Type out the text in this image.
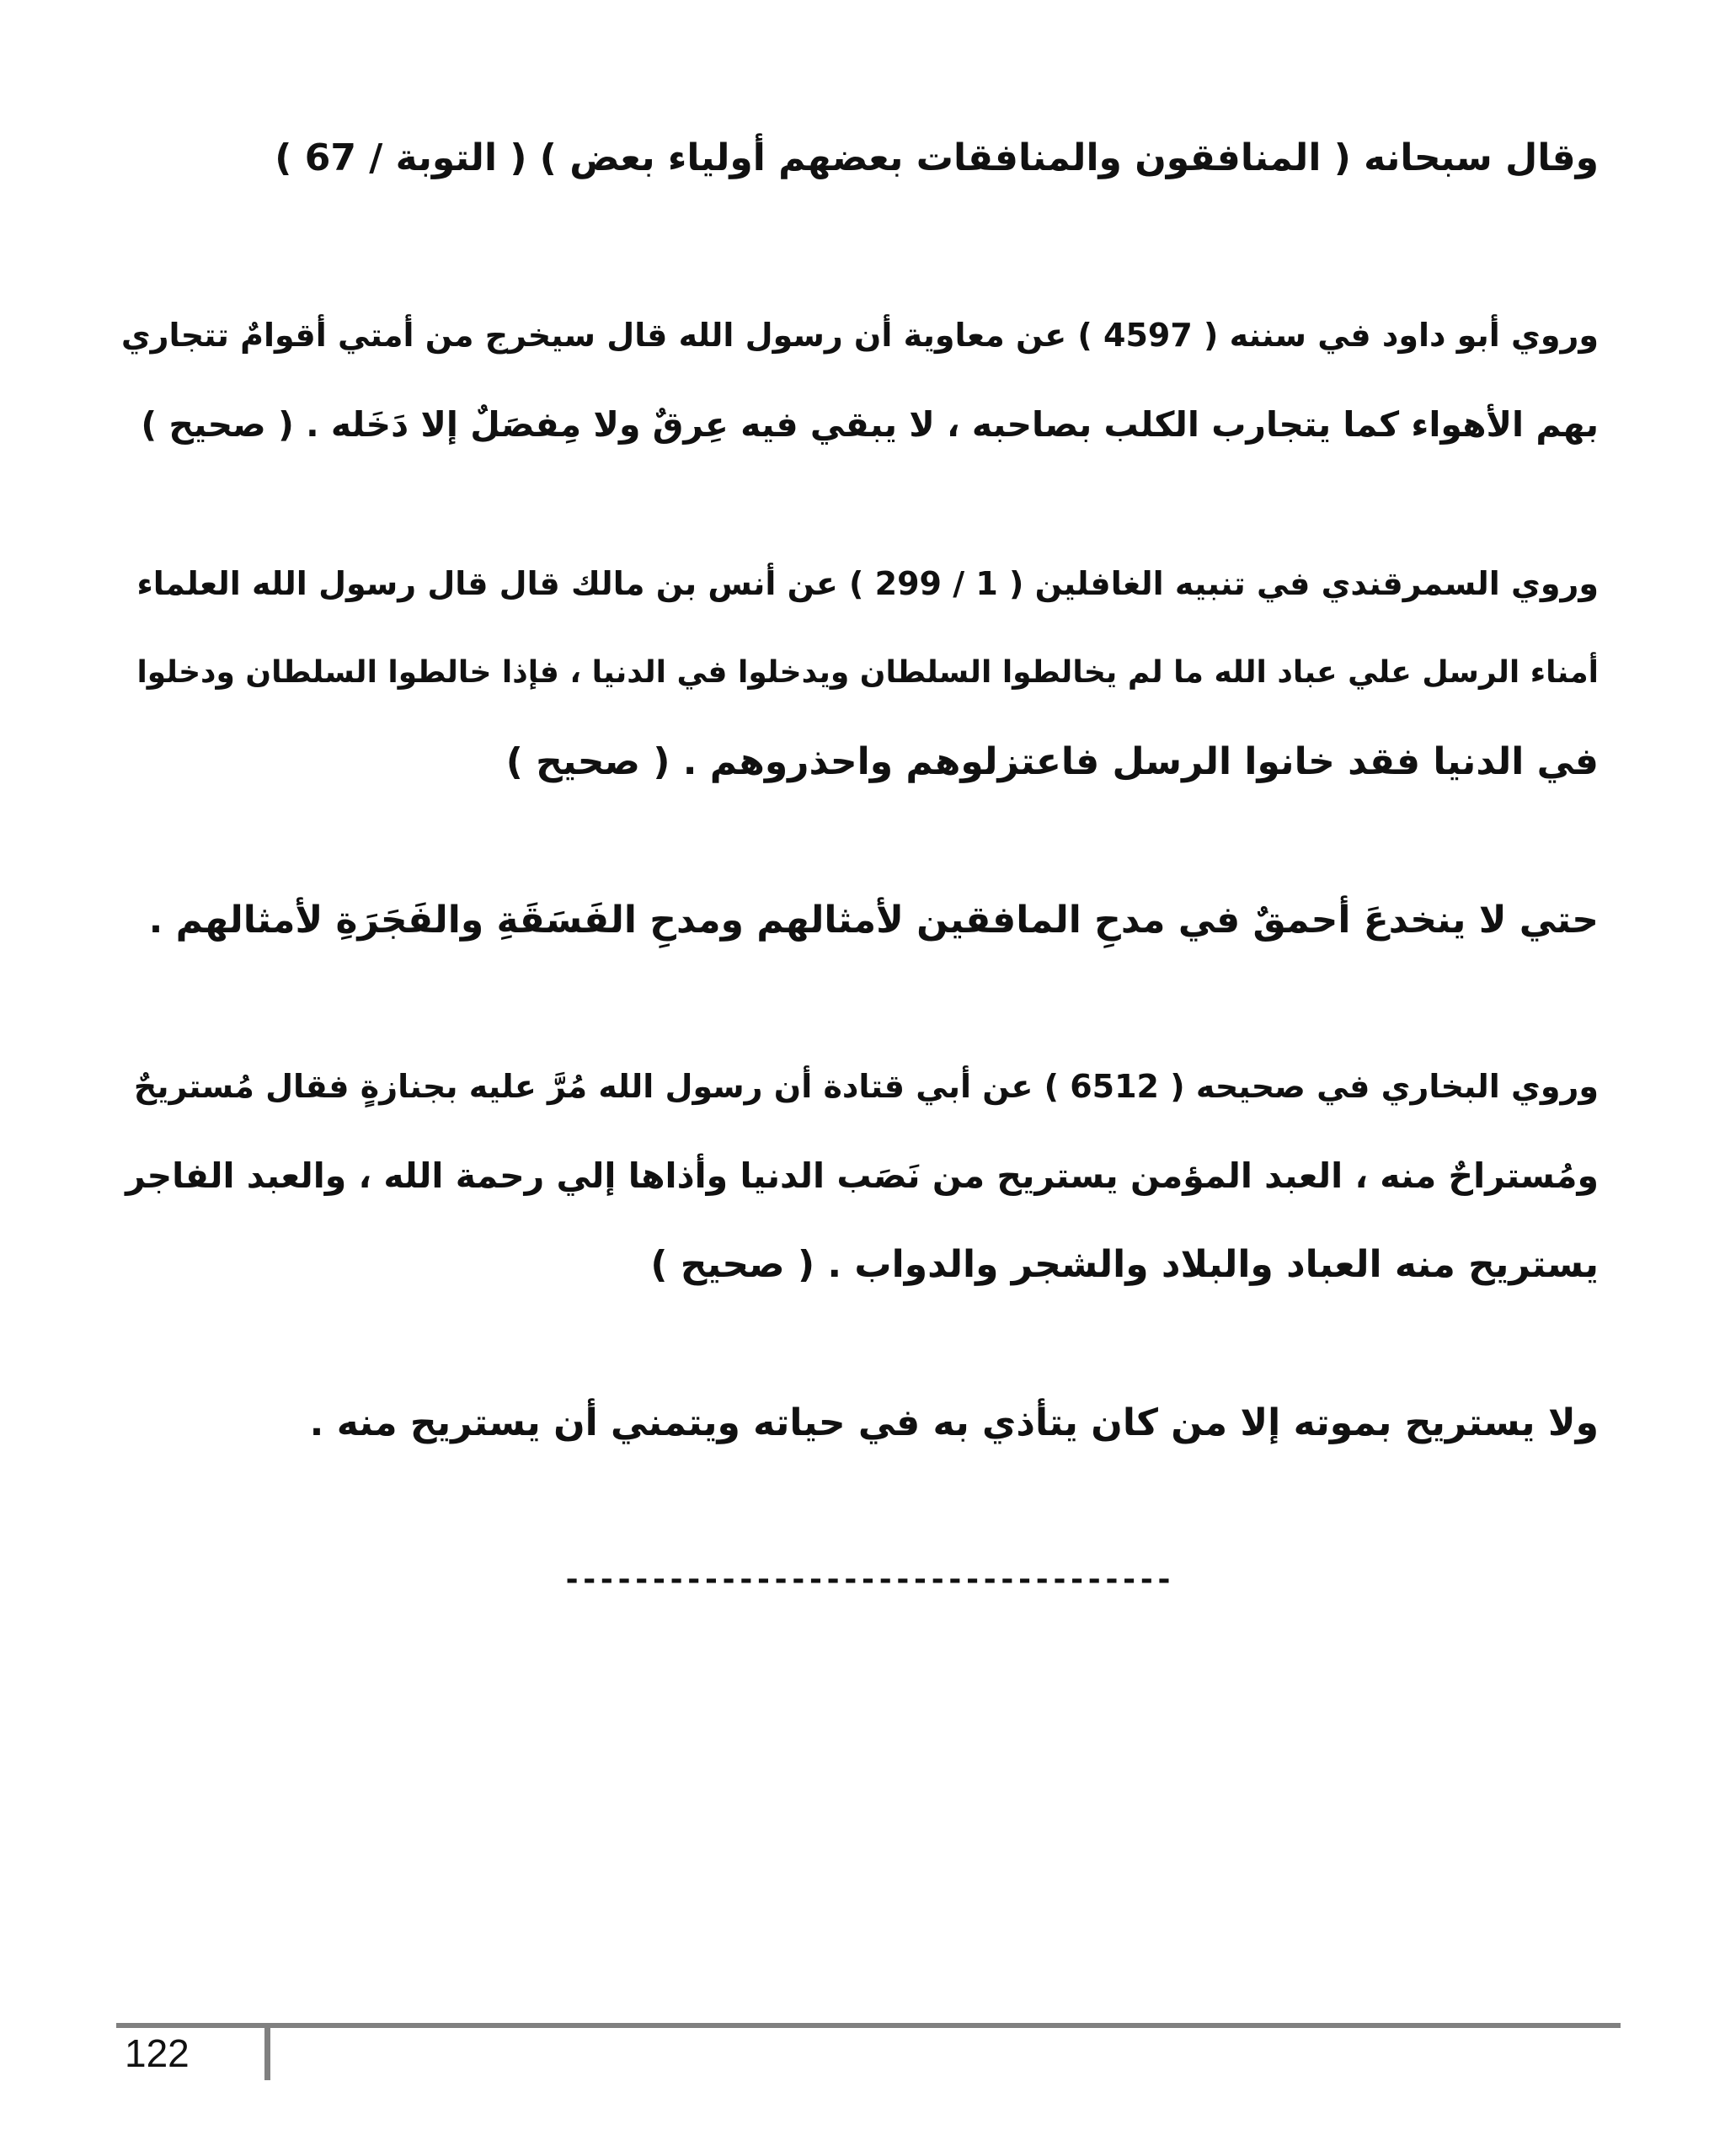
وقال سبحانه ( المنافقون والمنافقات بعضهم أولياء بعض ) ( التوبة / 67 )

وروي أبو داود في سننه ( 4597 ) عن معاوية أن رسول الله قال سيخرج من أمتي أقوامٌ تتجاري

بهم الأهواء كما يتجارب الكلب بصاحبه ، لا يبقي فيه عِرقٌ ولا مِفصَلٌ إلا دَخَله . ( صحيح )

وروي السمرقندي في تنبيه الغافلين ( 1 / 299 ) عن أنس بن مالك قال قال رسول الله العلماء

أمناء الرسل علي عباد الله ما لم يخالطوا السلطان ويدخلوا في الدنيا ، فإذا خالطوا السلطان ودخلوا

في الدنيا فقد خانوا الرسل فاعتزلوهم واحذروهم . ( صحيح )

حتي لا ينخدعَ أحمقٌ في مدحِ المافقين لأمثالهم ومدحِ الفَسَقَةِ والفَجَرَةِ لأمثالهم .

وروي البخاري في صحيحه ( 6512 ) عن أبي قتادة أن رسول الله مُرَّ عليه بجنازةٍ فقال مُستريحٌ

ومُستراحٌ منه ، العبد المؤمن يستريح من نَصَب الدنيا وأذاها إلي رحمة الله ، والعبد الفاجر

يستريح منه العباد والبلاد والشجر والدواب . ( صحيح )

ولا يستريح بموته إلا من كان يتأذي به في حياته ويتمني أن يستريح منه .

-----------------------------------
122
